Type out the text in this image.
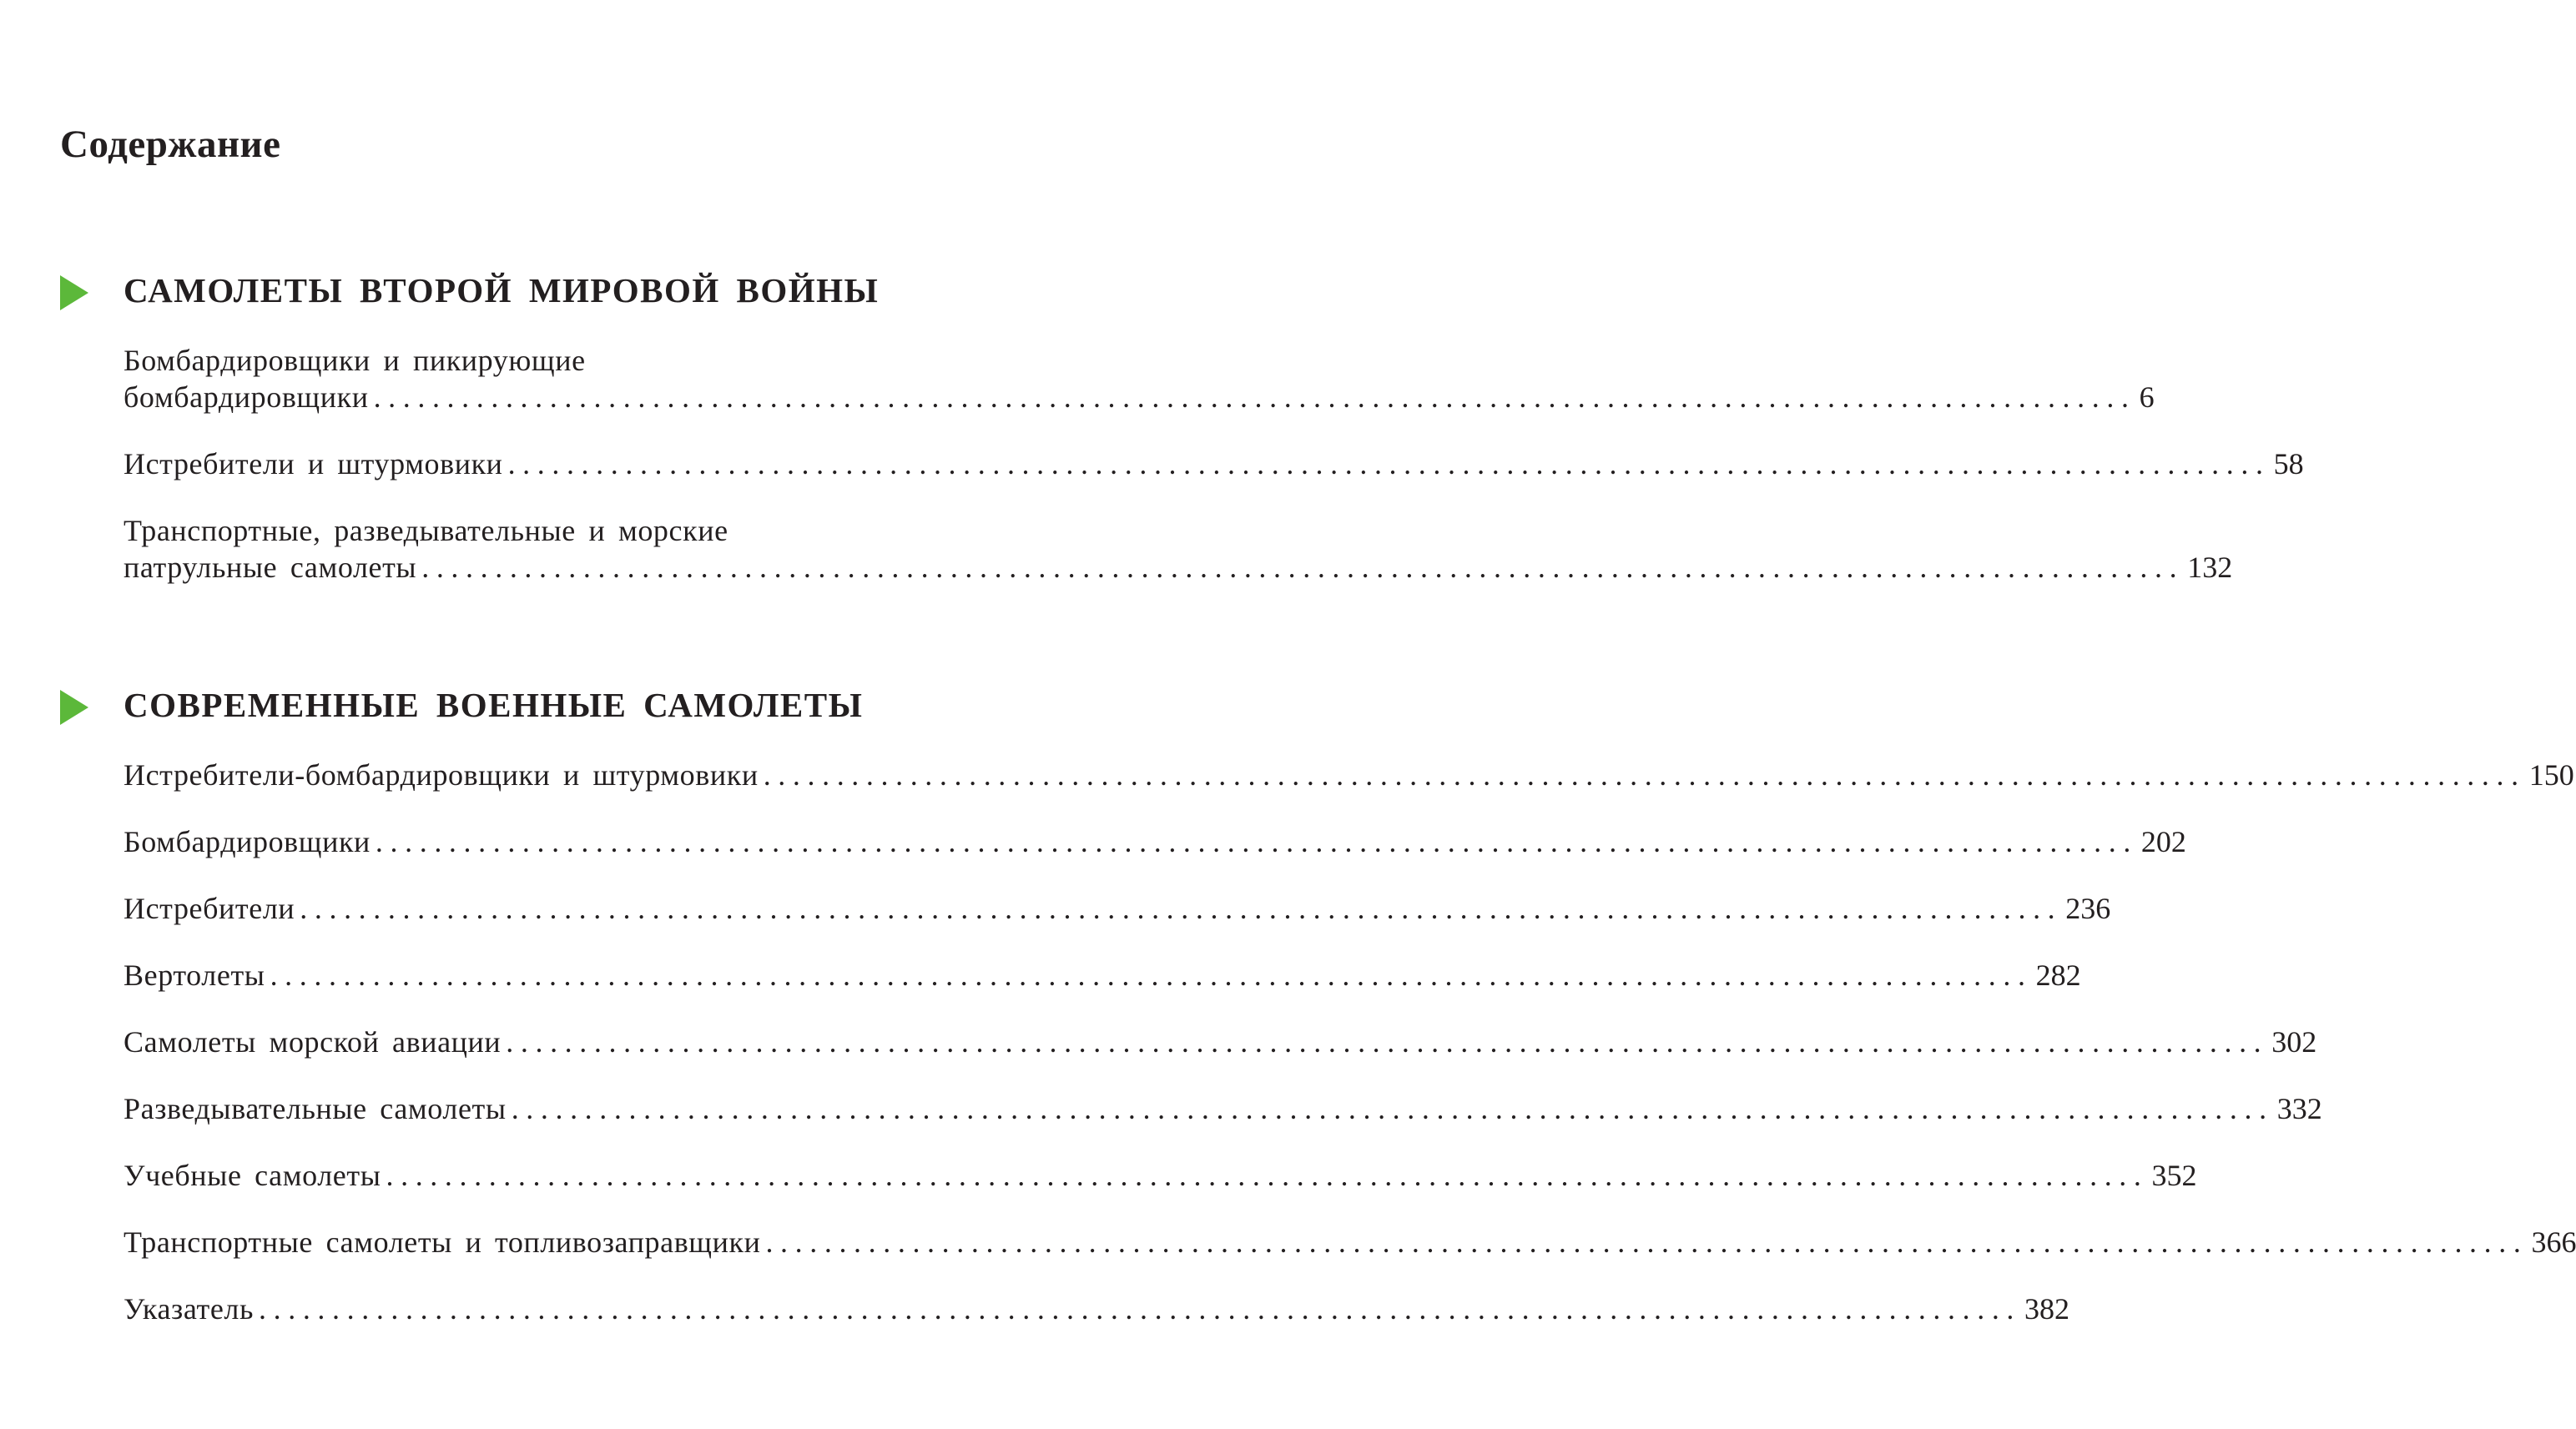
Содержание
САМОЛЕТЫ ВТОРОЙ МИРОВОЙ ВОЙНЫ
Бомбардировщики и пикирующие
бомбардировщики ........................................................................................................................ 6
Истребители и штурмовики ........................................................................................................................ 58
Транспортные, разведывательные и морские
патрульные самолеты ........................................................................................................................ 132
СОВРЕМЕННЫЕ ВОЕННЫЕ САМОЛЕТЫ
Истребители-бомбардировщики и штурмовики ........................................................................................................................ 150
Бомбардировщики ........................................................................................................................ 202
Истребители ........................................................................................................................ 236
Вертолеты ........................................................................................................................ 282
Самолеты морской авиации ........................................................................................................................ 302
Разведывательные самолеты ........................................................................................................................ 332
Учебные самолеты ........................................................................................................................ 352
Транспортные самолеты и топливозаправщики ........................................................................................................................ 366
Указатель ........................................................................................................................ 382
